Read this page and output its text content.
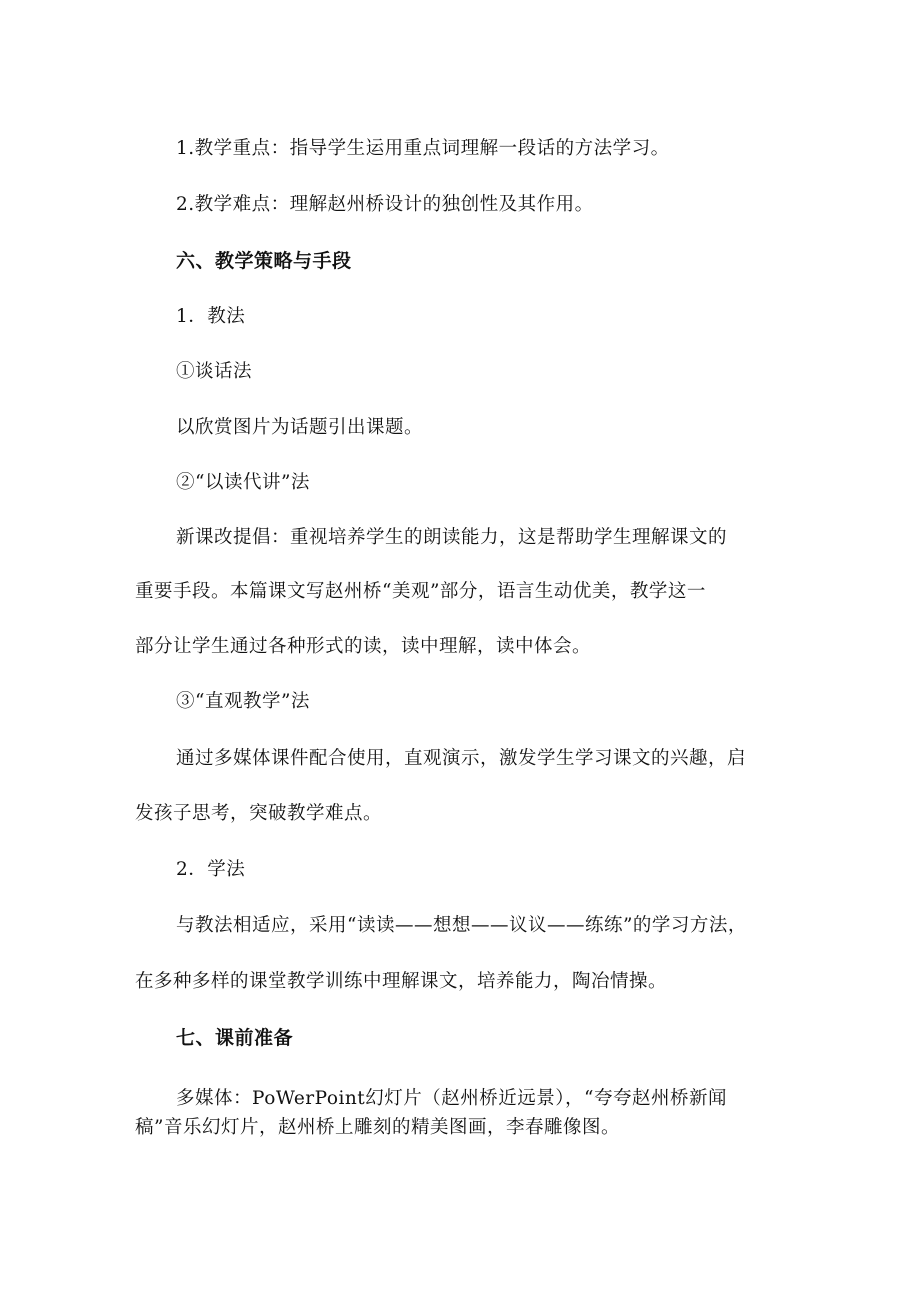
1.教学重点：指导学生运用重点词理解一段话的方法学习。
2.教学难点：理解赵州桥设计的独创性及其作用。
六、教学策略与手段
1．教法
①谈话法
以欣赏图片为话题引出课题。
②“以读代讲”法
新课改提倡：重视培养学生的朗读能力，这是帮助学生理解课文的
重要手段。本篇课文写赵州桥“美观”部分，语言生动优美，教学这一
部分让学生通过各种形式的读，读中理解，读中体会。
③“直观教学”法
通过多媒体课件配合使用，直观演示，激发学生学习课文的兴趣，启
发孩子思考，突破教学难点。
2．学法
与教法相适应，采用“读读——想想——议议——练练”的学习方法，
在多种多样的课堂教学训练中理解课文，培养能力，陶冶情操。
七、课前准备
多媒体：PoWerPoint幻灯片（赵州桥近远景），“夸夸赵州桥新闻
稿”音乐幻灯片，赵州桥上雕刻的精美图画，李春雕像图。
